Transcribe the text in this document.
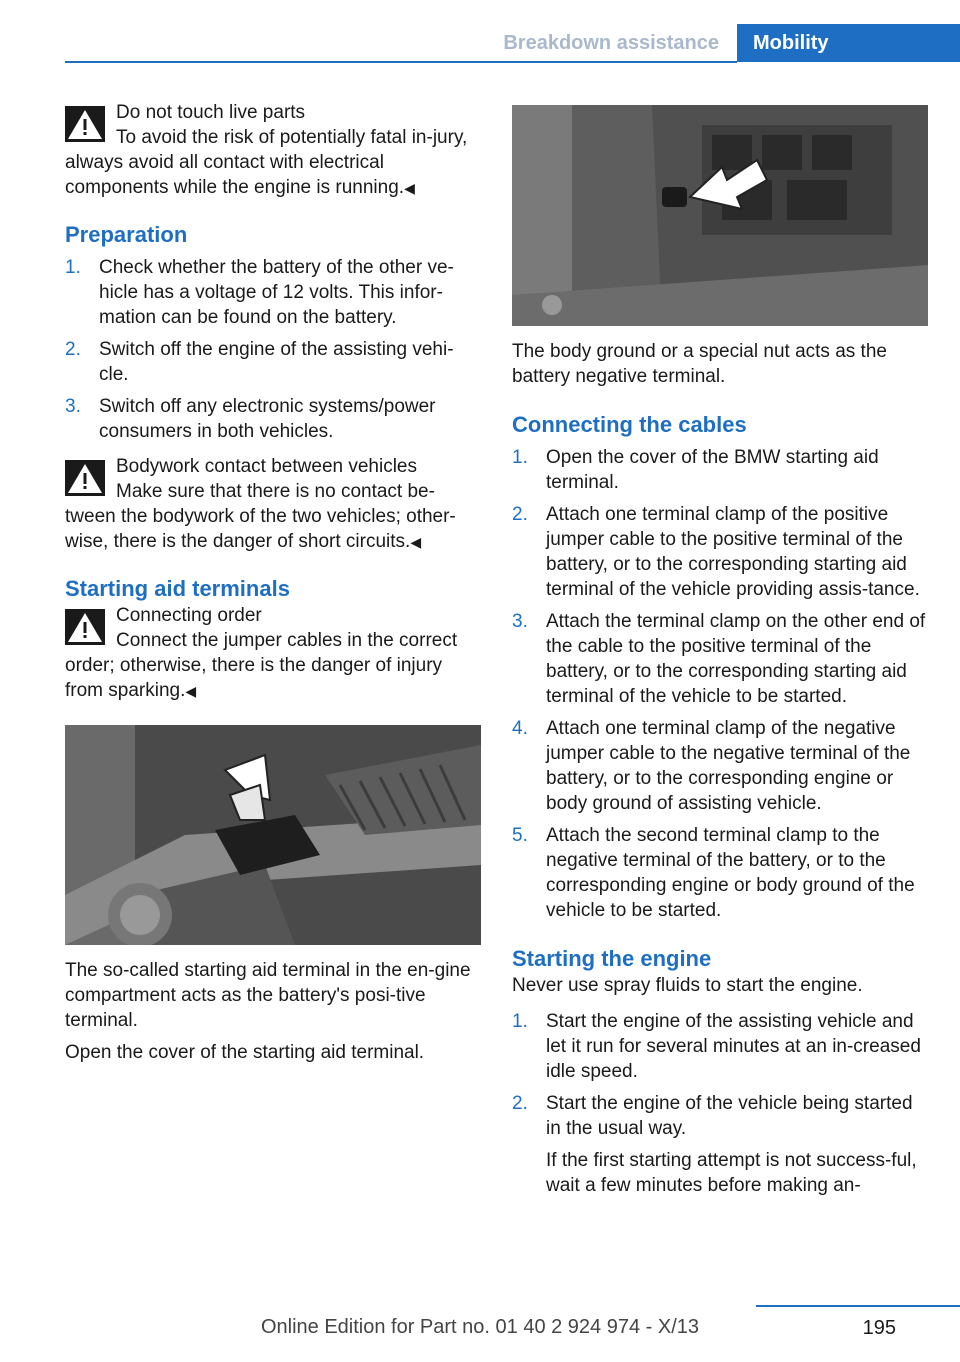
Breakdown assistance	Mobility

Do not touch live parts

To avoid the risk of potentially fatal in‐jury, always avoid all contact with electrical components while the engine is running.◀

Preparation
1. Check whether the battery of the other ve‐hicle has a voltage of 12 volts. This infor‐mation can be found on the battery.
2. Switch off the engine of the assisting vehi‐cle.
3. Switch off any electronic systems/power consumers in both vehicles.

Bodywork contact between vehicles

Make sure that there is no contact be‐tween the bodywork of the two vehicles; other‐wise, there is the danger of short circuits.◀

Starting aid terminals

Connecting order

Connect the jumper cables in the correct order; otherwise, there is the danger of injury from sparking.◀

The so-called starting aid terminal in the en‐gine compartment acts as the battery's posi‐tive terminal.

Open the cover of the starting aid terminal.

The body ground or a special nut acts as the battery negative terminal.

Connecting the cables
1. Open the cover of the BMW starting aid terminal.
2. Attach one terminal clamp of the positive jumper cable to the positive terminal of the battery, or to the corresponding starting aid terminal of the vehicle providing assis‐tance.
3. Attach the terminal clamp on the other end of the cable to the positive terminal of the battery, or to the corresponding starting aid terminal of the vehicle to be started.
4. Attach one terminal clamp of the negative jumper cable to the negative terminal of the battery, or to the corresponding engine or body ground of assisting vehicle.
5. Attach the second terminal clamp to the negative terminal of the battery, or to the corresponding engine or body ground of the vehicle to be started.
Starting the engine

Never use spray fluids to start the engine.

1. Start the engine of the assisting vehicle and let it run for several minutes at an in‐creased idle speed.
2. Start the engine of the vehicle being started in the usual way.

If the first starting attempt is not success‐ful, wait a few minutes before making an‐

Online Edition for Part no. 01 40 2 924 974 - X/13	195
